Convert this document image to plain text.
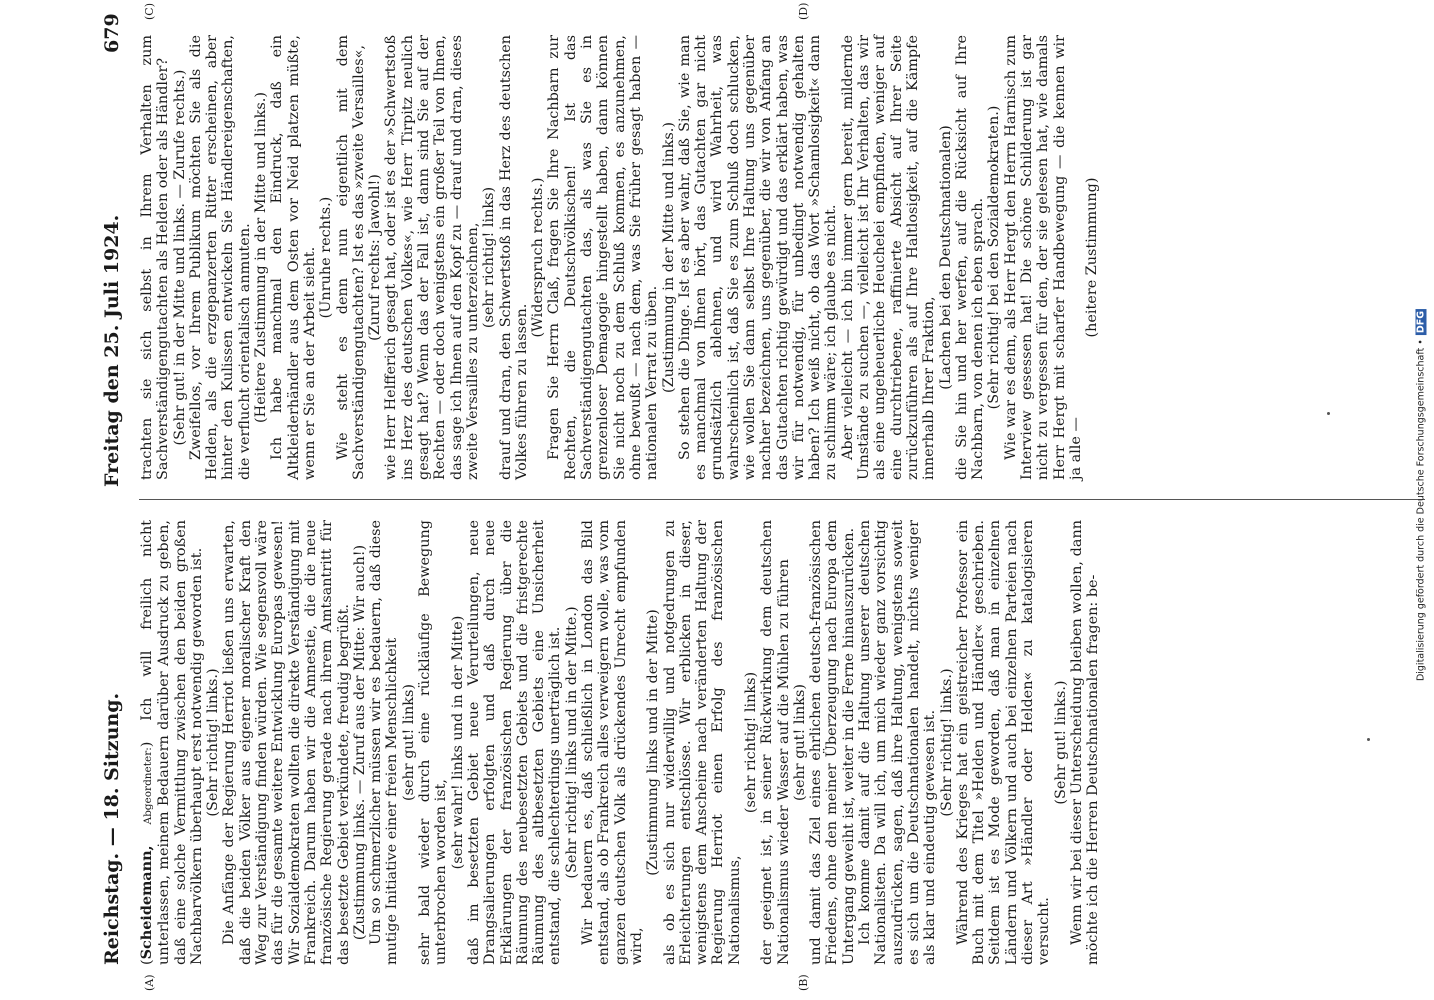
Reichstag. — 18. Sitzung.
Freitag den 25. Juli 1924.
679
(A)	(B)
(C)	(D)

(Scheidemann, Abgeordneter:) Ich will freilich nicht unterlassen, meinem Bedauern darüber Ausdruck zu geben, daß eine solche Vermittlung zwischen den beiden großen Nachbarvölkern überhaupt erst notwendig geworden ist. (Sehr richtig! links.) Die Anfänge der Regierung Herriot ließen uns erwarten, daß die beiden Völker aus eigener moralischer Kraft den Weg zur Verständigung finden würden. Wie segensvoll wäre das für die gesamte weitere Entwicklung Europas gewesen! Wir Sozialdemokraten wollten die direkte Verständigung mit Frankreich. Darum haben wir die Amnestie, die die neue französische Regierung gerade nach ihrem Amtsantritt für das besetzte Gebiet verkündete, freudig begrüßt. (Zustimmung links. — Zuruf aus der Mitte: Wir auch!) Um so schmerzlicher müssen wir es bedauern, daß diese mutige Initiative einer freien Menschlichkeit (sehr gut! links) sehr bald wieder durch eine rückläufige Bewegung unterbrochen worden ist,

(sehr wahr! links und in der Mitte) daß im besetzten Gebiet neue Verurteilungen, neue Drangsalierungen erfolgten und daß durch neue Erklärungen der französischen Regierung über die Räumung des neubesetzten Gebiets und die fristgerechte Räumung des altbesetzten Gebiets eine Unsicherheit entstand, die schlechterdings unerträglich ist. (Sehr richtig! links und in der Mitte.) Wir bedauern es, daß schließlich in London das Bild entstand, als ob Frankreich alles verweigern wolle, was vom ganzen deutschen Volk als drückendes Unrecht empfunden wird,

(Zustimmung links und in der Mitte) als ob es sich nur widerwillig und notgedrungen zu Erleichterungen entschlösse. Wir erblicken in dieser, wenigstens dem Anscheine nach veränderten Haltung der Regierung Herriot einen Erfolg des französischen Nationalismus,

(sehr richtig! links) der geeignet ist, in seiner Rückwirkung dem deutschen Nationalismus wieder Wasser auf die Mühlen zu führen (sehr gut! links) und damit das Ziel eines ehrlichen deutsch-französischen Friedens, ohne den meiner Überzeugung nach Europa dem Untergang geweiht ist, weiter in die Ferne hinauszurücken. Ich komme damit auf die Haltung unserer deutschen Nationalisten. Da will ich, um mich wieder ganz vorsichtig auszudrücken, sagen, daß ihre Haltung, wenigstens soweit es sich um die Deutschnationalen handelt, nichts weniger als klar und eindeutig gewesen ist. (Sehr richtig! links.) Während des Krieges hat ein geistreicher Professor ein Buch mit dem Titel »Helden und Händler« geschrieben. Seitdem ist es Mode geworden, daß man in einzelnen Ländern und Völkern und auch bei einzelnen Parteien nach dieser Art »Händler oder Helden« zu katalogisieren versucht.

(Sehr gut! links.) Wenn wir bei dieser Unterscheidung bleiben wollen, dann möchte ich die Herren Deutschnationalen fragen: be-

trachten sie sich selbst in Ihrem Verhalten zum Sachverständigengutachten als Helden oder als Händler? (Sehr gut! in der Mitte und links. — Zurufe rechts.) Zweifellos, vor Ihrem Publikum möchten Sie als die Helden, als die erzgepanzerten Ritter erscheinen, aber hinter den Kulissen entwickeln Sie Händlereigenschaften, die verflucht orientalisch anmuten. (Heitere Zustimmung in der Mitte und links.) Ich habe manchmal den Eindruck, daß ein Altkleiderhändler aus dem Osten vor Neid platzen müßte, wenn er Sie an der Arbeit sieht. (Unruhe rechts.) Wie steht es denn nun eigentlich mit dem Sachverständigengutachten? Ist es das »zweite Versailles«, (Zuruf rechts: Jawohl!) wie Herr Helfferich gesagt hat, oder ist es der »Schwertstoß ins Herz des deutschen Volkes«, wie Herr Tirpitz neulich gesagt hat? Wenn das der Fall ist, dann sind Sie auf der Rechten — oder doch wenigstens ein großer Teil von Ihnen, das sage ich Ihnen auf den Kopf zu — drauf und dran, dieses zweite Versailles zu unterzeichnen, (sehr richtig! links) drauf und dran, den Schwertstoß in das Herz des deutschen Volkes führen zu lassen.

(Widerspruch rechts.) Fragen Sie Herrn Claß, fragen Sie Ihre Nachbarn zur Rechten, die Deutschvölkischen! Ist das Sachverständigengutachten das, als was Sie es in grenzenloser Demagogie hingestellt haben, dann können Sie nicht noch zu dem Schluß kommen, es anzunehmen, ohne bewußt — nach dem, was Sie früher gesagt haben — nationalen Verrat zu üben. (Zustimmung in der Mitte und links.) So stehen die Dinge. Ist es aber wahr, daß Sie, wie man es manchmal von Ihnen hört, das Gutachten gar nicht grundsätzlich ablehnen, und wird Wahrheit, was wahrscheinlich ist, daß Sie es zum Schluß doch schlucken, wie wollen Sie dann selbst Ihre Haltung uns gegenüber nachher bezeichnen, uns gegenüber, die wir von Anfang an das Gutachten richtig gewürdigt und das erklärt haben, was wir für notwendig, für unbedingt notwendig gehalten haben? Ich weiß nicht, ob das Wort »Schamlosigkeit« dann zu schlimm wäre; ich glaube es nicht. Aber vielleicht — ich bin immer gern bereit, mildernde Umstände zu suchen —, vielleicht ist Ihr Verhalten, das wir als eine ungeheuerliche Heuchelei empfinden, weniger auf eine durchtriebene, raffinierte Absicht auf Ihrer Seite zurückzuführen als auf Ihre Haltlosigkeit, auf die Kämpfe innerhalb Ihrer Fraktion, (Lachen bei den Deutschnationalen) die Sie hin und her werfen, auf die Rücksicht auf Ihre Nachbarn, von denen ich eben sprach. (Sehr richtig! bei den Sozialdemokraten.) Wie war es denn, als Herr Hergt den Herrn Harnisch zum Interview gesessen hat! Die schöne Schilderung ist gar nicht zu vergessen für den, der sie gelesen hat, wie damals Herr Hergt mit scharfer Handbewegung — die kennen wir ja alle —

(heitere Zustimmung)

Digitalisierung gefördert durch die Deutsche Forschungsgemeinschaft •DFG
